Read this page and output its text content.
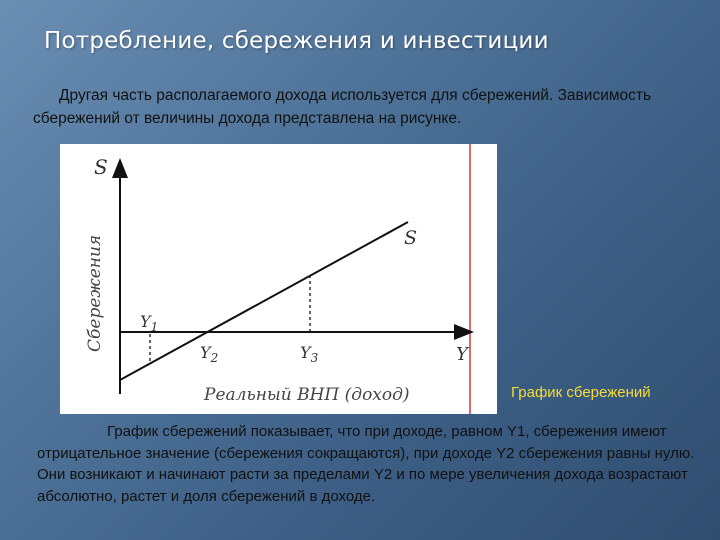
Потребление, сбережения и инвестиции
Другая часть располагаемого дохода используется для сбережений. Зависимость сбережений от величины дохода представлена на рисунке.
S
Сбережения
Y
Реальный ВНП (доход)
S
$Y_1$
$Y_2$	$Y_3$
График сбережений
График сбережений показывает, что при доходе, равном Y1, сбережения имеют отрицательное значение (сбережения сокращаются), при доходе Y2 сбережения равны нулю. Они возникают и начинают расти за пределами Y2 и по мере увеличения дохода возрастают абсолютно, растет и доля сбережений в доходе.
